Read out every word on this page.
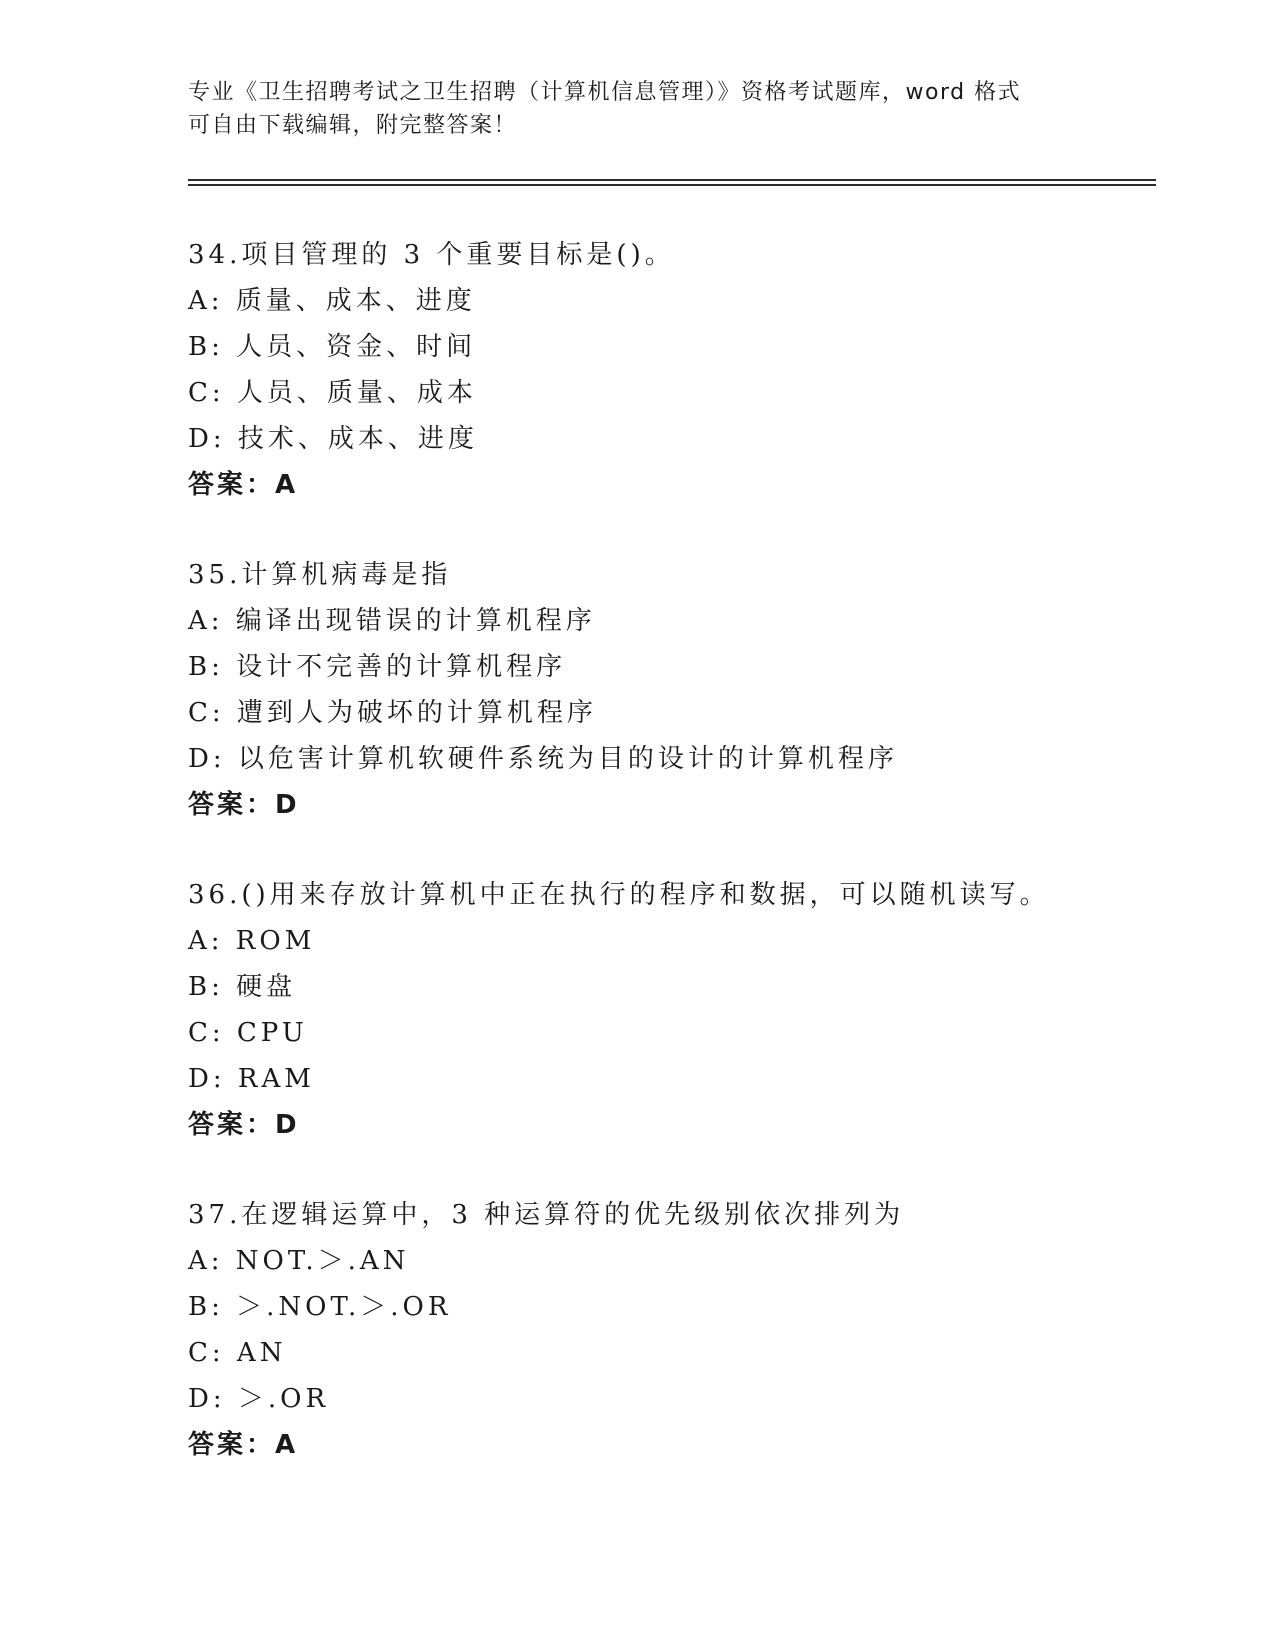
专业《卫生招聘考试之卫生招聘（计算机信息管理）》资格考试题库，word 格式
可自由下载编辑，附完整答案！
34.项目管理的 3 个重要目标是()。
A: 质量、成本、进度
B: 人员、资金、时间
C: 人员、质量、成本
D: 技术、成本、进度
答案：A
35.计算机病毒是指
A: 编译出现错误的计算机程序
B: 设计不完善的计算机程序
C: 遭到人为破坏的计算机程序
D: 以危害计算机软硬件系统为目的设计的计算机程序
答案：D
36.()用来存放计算机中正在执行的程序和数据，可以随机读写。
A: ROM
B: 硬盘
C: CPU
D: RAM
答案：D
37.在逻辑运算中，3 种运算符的优先级别依次排列为
A: NOT.＞.AN
B: ＞.NOT.＞.OR
C: AN
D: ＞.OR
答案：A
